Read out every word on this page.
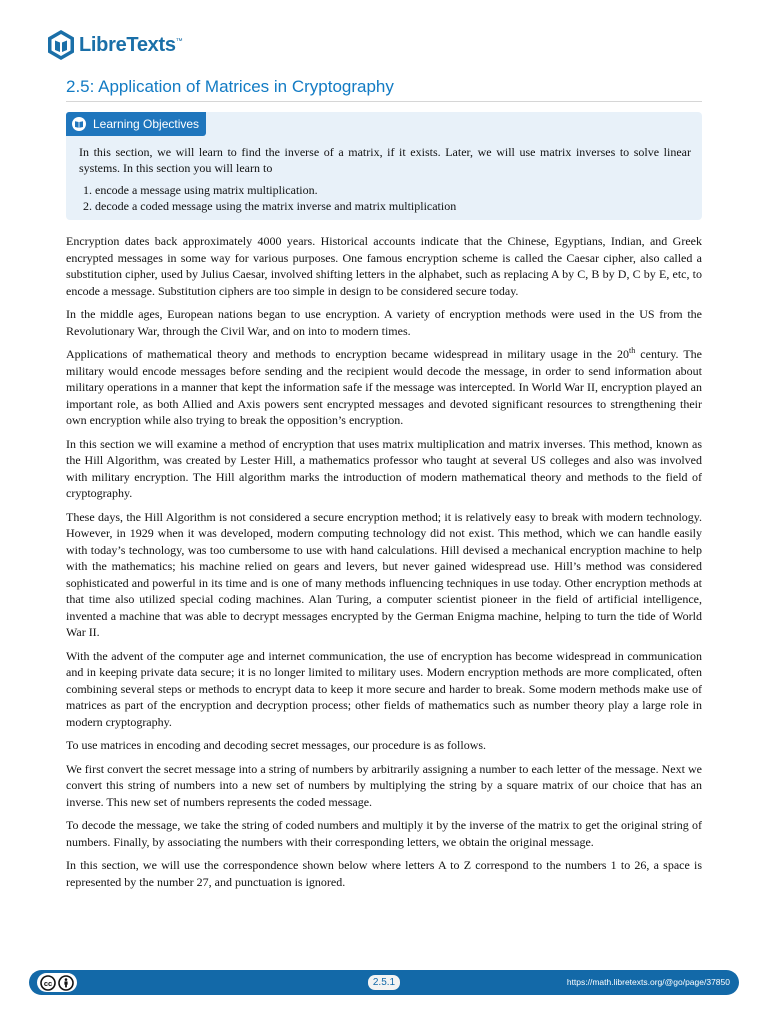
LibreTexts ™
2.5: Application of Matrices in Cryptography
Learning Objectives

In this section, we will learn to find the inverse of a matrix, if it exists. Later, we will use matrix inverses to solve linear systems. In this section you will learn to

1. encode a message using matrix multiplication.
2. decode a coded message using the matrix inverse and matrix multiplication

Encryption dates back approximately 4000 years. Historical accounts indicate that the Chinese, Egyptians, Indian, and Greek encrypted messages in some way for various purposes. One famous encryption scheme is called the Caesar cipher, also called a substitution cipher, used by Julius Caesar, involved shifting letters in the alphabet, such as replacing A by C, B by D, C by E, etc, to encode a message. Substitution ciphers are too simple in design to be considered secure today.

In the middle ages, European nations began to use encryption. A variety of encryption methods were used in the US from the Revolutionary War, through the Civil War, and on into to modern times.

Applications of mathematical theory and methods to encryption became widespread in military usage in the 20th century. The military would encode messages before sending and the recipient would decode the message, in order to send information about military operations in a manner that kept the information safe if the message was intercepted. In World War II, encryption played an important role, as both Allied and Axis powers sent encrypted messages and devoted significant resources to strengthening their own encryption while also trying to break the opposition’s encryption.

In this section we will examine a method of encryption that uses matrix multiplication and matrix inverses. This method, known as the Hill Algorithm, was created by Lester Hill, a mathematics professor who taught at several US colleges and also was involved with military encryption. The Hill algorithm marks the introduction of modern mathematical theory and methods to the field of cryptography.

These days, the Hill Algorithm is not considered a secure encryption method; it is relatively easy to break with modern technology. However, in 1929 when it was developed, modern computing technology did not exist. This method, which we can handle easily with today’s technology, was too cumbersome to use with hand calculations. Hill devised a mechanical encryption machine to help with the mathematics; his machine relied on gears and levers, but never gained widespread use. Hill’s method was considered sophisticated and powerful in its time and is one of many methods influencing techniques in use today. Other encryption methods at that time also utilized special coding machines. Alan Turing, a computer scientist pioneer in the field of artificial intelligence, invented a machine that was able to decrypt messages encrypted by the German Enigma machine, helping to turn the tide of World War II.

With the advent of the computer age and internet communication, the use of encryption has become widespread in communication and in keeping private data secure; it is no longer limited to military uses. Modern encryption methods are more complicated, often combining several steps or methods to encrypt data to keep it more secure and harder to break. Some modern methods make use of matrices as part of the encryption and decryption process; other fields of mathematics such as number theory play a large role in modern cryptography.

To use matrices in encoding and decoding secret messages, our procedure is as follows.

We first convert the secret message into a string of numbers by arbitrarily assigning a number to each letter of the message. Next we convert this string of numbers into a new set of numbers by multiplying the string by a square matrix of our choice that has an inverse. This new set of numbers represents the coded message.

To decode the message, we take the string of coded numbers and multiply it by the inverse of the matrix to get the original string of numbers. Finally, by associating the numbers with their corresponding letters, we obtain the original message.

In this section, we will use the correspondence shown below where letters A to Z correspond to the numbers 1 to 26, a space is represented by the number 27, and punctuation is ignored.

cc	2.5.1	https://math.libretexts.org/@go/page/37850
